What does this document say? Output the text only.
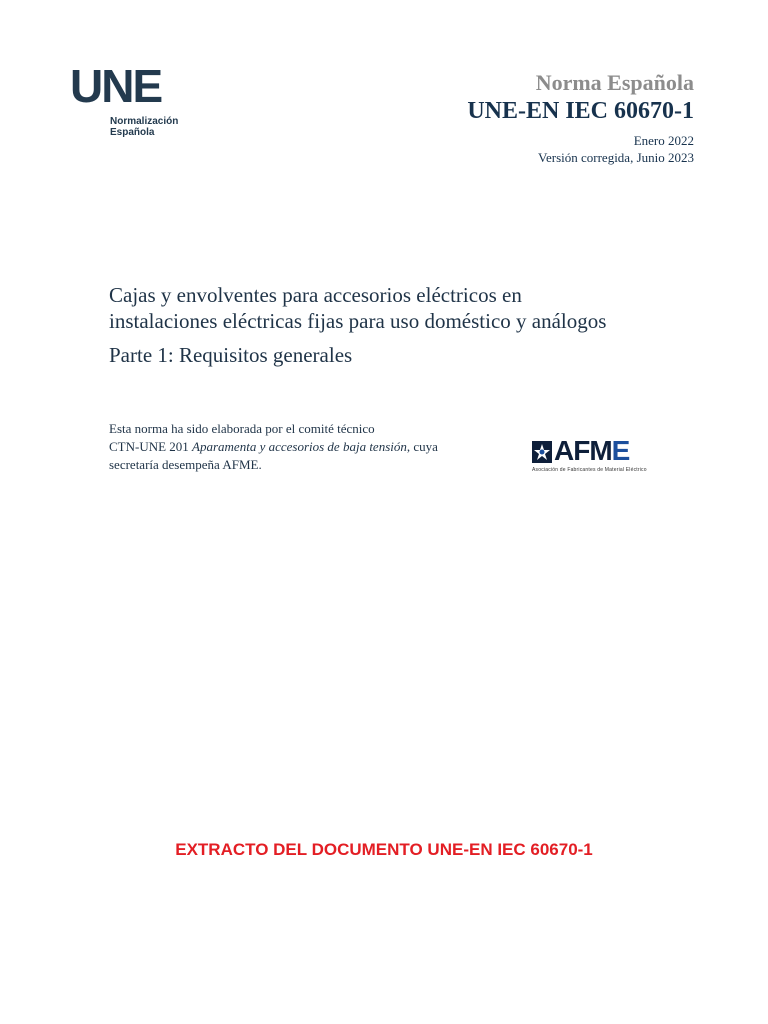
UNE
Normalización
Española
Norma Española
UNE-EN IEC 60670-1
Enero 2022
Versión corregida, Junio 2023
Cajas y envolventes para accesorios eléctricos en
instalaciones eléctricas fijas para uso doméstico y análogos
Parte 1: Requisitos generales
Esta norma ha sido elaborada por el comité técnico
CTN-UNE 201 Aparamenta y accesorios de baja tensión, cuya
secretaría desempeña AFME.	AFME
Asociación de Fabricantes de Material Eléctrico
EXTRACTO DEL DOCUMENTO UNE-EN IEC 60670-1
